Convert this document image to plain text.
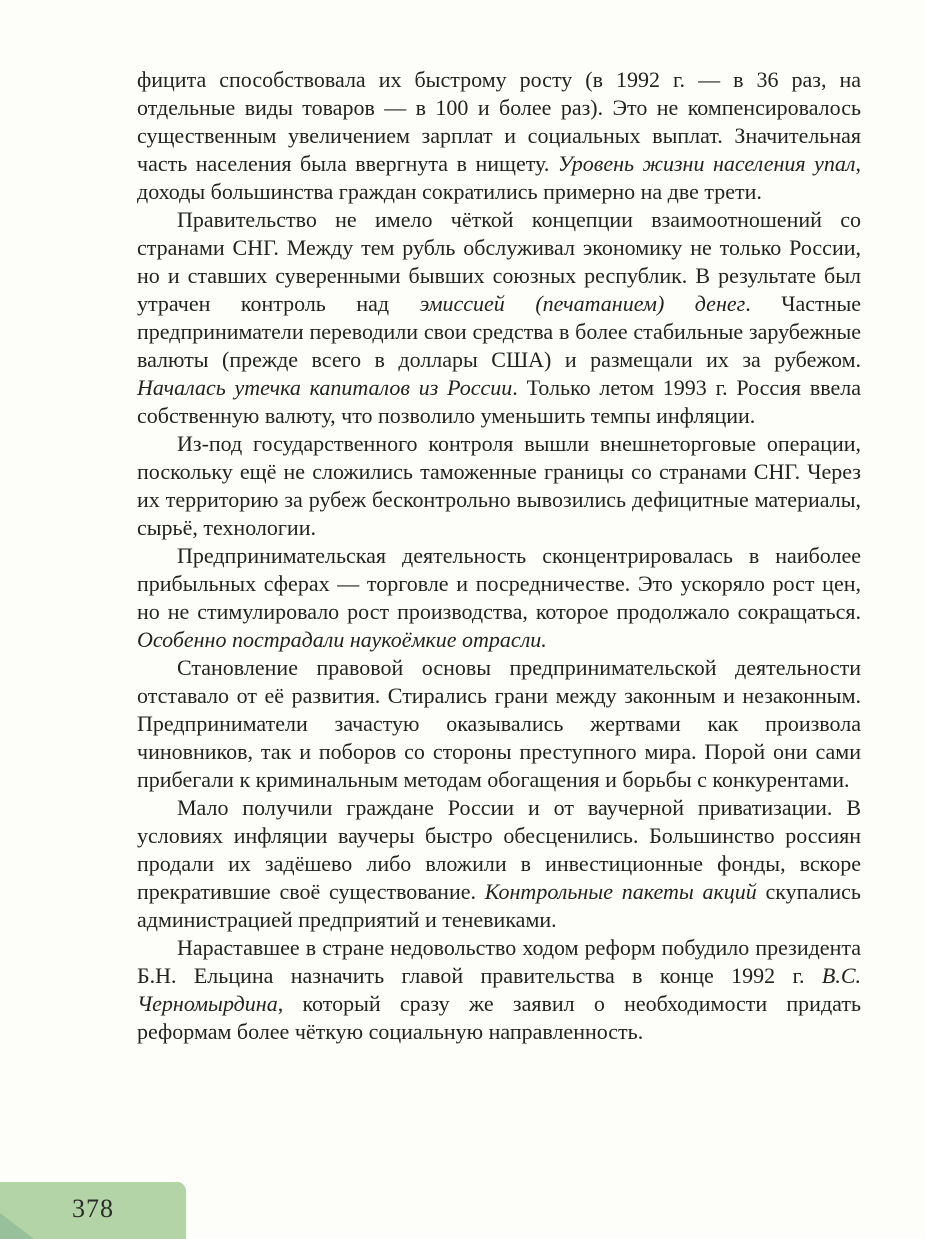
фицита способствовала их быстрому росту (в 1992 г. — в 36 раз, на отдельные виды товаров — в 100 и более раз). Это не компенсировалось существенным увеличением зарплат и социальных выплат. Значительная часть населения была ввергнута в нищету. Уровень жизни населения упал, доходы большинства граждан сократились примерно на две трети.

Правительство не имело чёткой концепции взаимоотношений со странами СНГ. Между тем рубль обслуживал экономику не только России, но и ставших суверенными бывших союзных республик. В результате был утрачен контроль над эмиссией (печатанием) денег. Частные предприниматели переводили свои средства в более стабильные зарубежные валюты (прежде всего в доллары США) и размещали их за рубежом. Началась утечка капиталов из России. Только летом 1993 г. Россия ввела собственную валюту, что позволило уменьшить темпы инфляции.

Из-под государственного контроля вышли внешнеторговые операции, поскольку ещё не сложились таможенные границы со странами СНГ. Через их территорию за рубеж бесконтрольно вывозились дефицитные материалы, сырьё, технологии.

Предпринимательская деятельность сконцентрировалась в наиболее прибыльных сферах — торговле и посредничестве. Это ускоряло рост цен, но не стимулировало рост производства, которое продолжало сокращаться. Особенно пострадали наукоёмкие отрасли.

Становление правовой основы предпринимательской деятельности отставало от её развития. Стирались грани между законным и незаконным. Предприниматели зачастую оказывались жертвами как произвола чиновников, так и поборов со стороны преступного мира. Порой они сами прибегали к криминальным методам обогащения и борьбы с конкурентами.

Мало получили граждане России и от ваучерной приватизации. В условиях инфляции ваучеры быстро обесценились. Большинство россиян продали их задёшево либо вложили в инвестиционные фонды, вскоре прекратившие своё существование. Контрольные пакеты акций скупались администрацией предприятий и теневиками.

Нараставшее в стране недовольство ходом реформ побудило президента Б.Н. Ельцина назначить главой правительства в конце 1992 г. В.С. Черномырдина, который сразу же заявил о необходимости придать реформам более чёткую социальную направленность.

378
